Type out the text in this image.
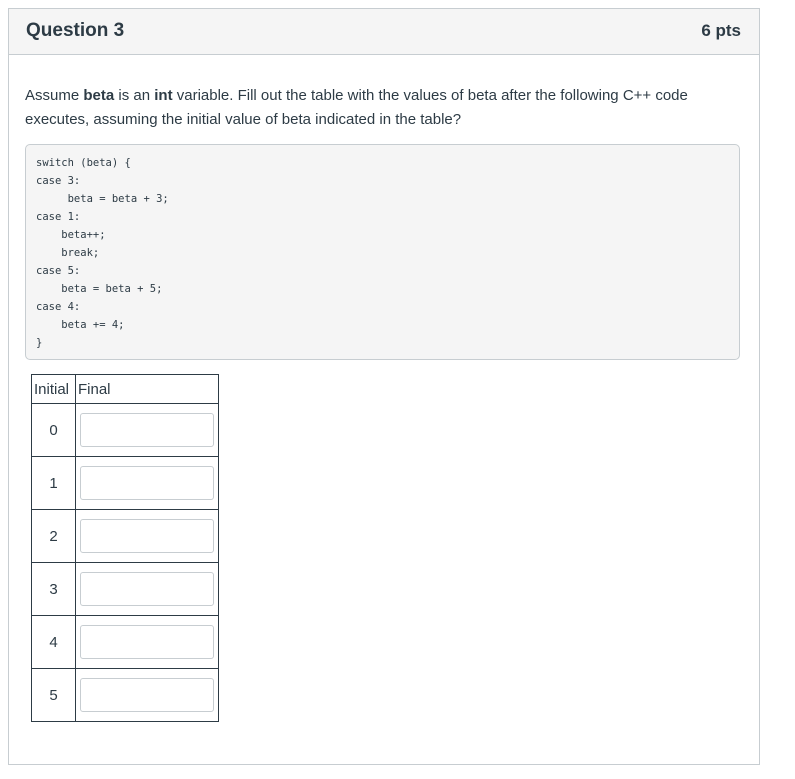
Question 3	6 pts
Assume beta is an int variable. Fill out the table with the values of beta after the following C++ code executes, assuming the initial value of beta indicated in the table?
switch (beta) {
case 3:
beta = beta + 3;
case 1:
beta++;
break;
case 5:
beta = beta + 5;
case 4:
beta += 4;
}
Initial	Final
0	

1	

2	

3	

4	

5	
